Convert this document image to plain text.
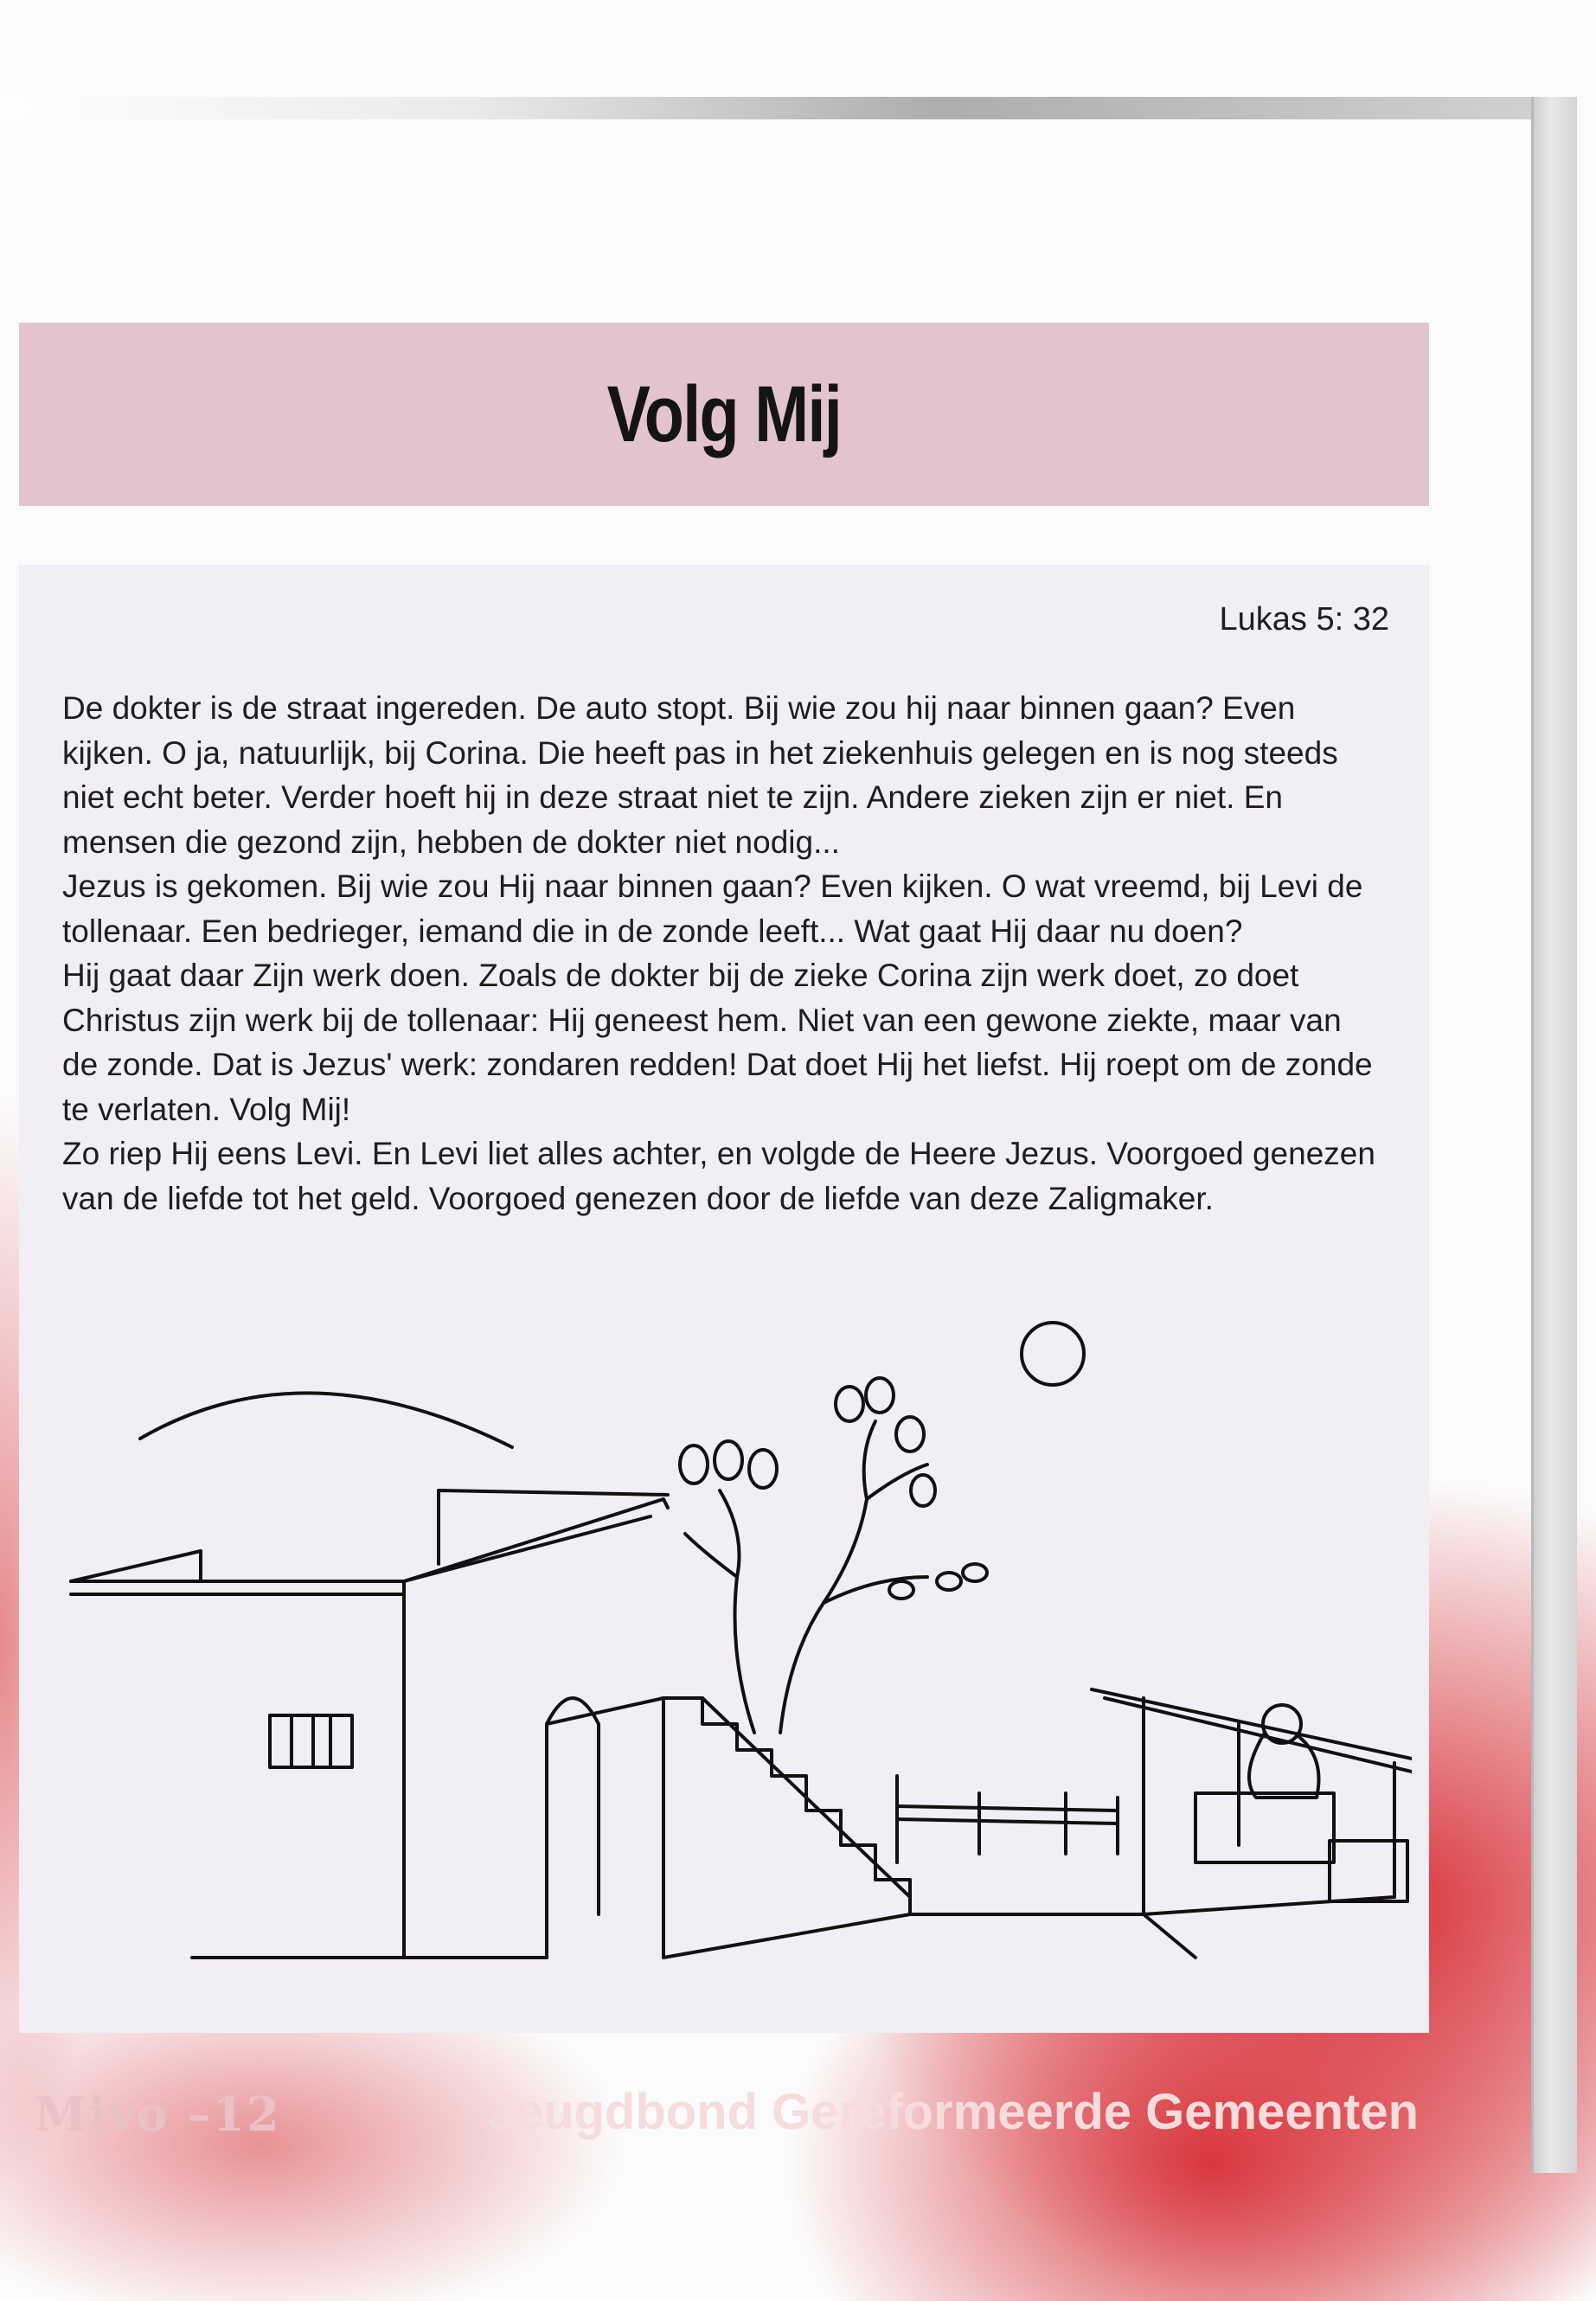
Volg Mij
Lukas 5: 32

De dokter is de straat ingereden. De auto stopt. Bij wie zou hij naar binnen gaan? Even kijken. O ja, natuurlijk, bij Corina. Die heeft pas in het ziekenhuis gelegen en is nog steeds niet echt beter. Verder hoeft hij in deze straat niet te zijn. Andere zieken zijn er niet. En mensen die gezond zijn, hebben de dokter niet nodig...

Jezus is gekomen. Bij wie zou Hij naar binnen gaan? Even kijken. O wat vreemd, bij Levi de tollenaar. Een bedrieger, iemand die in de zonde leeft... Wat gaat Hij daar nu doen?

Hij gaat daar Zijn werk doen. Zoals de dokter bij de zieke Corina zijn werk doet, zo doet Christus zijn werk bij de tollenaar: Hij geneest hem. Niet van een gewone ziekte, maar van de zonde. Dat is Jezus' werk: zondaren redden! Dat doet Hij het liefst. Hij roept om de zonde te verlaten. Volg Mij!

Zo riep Hij eens Levi. En Levi liet alles achter, en volgde de Heere Jezus. Voorgoed genezen van de liefde tot het geld. Voorgoed genezen door de liefde van deze Zaligmaker.

Mivo –12	Jeugdbond Gereformeerde Gemeenten
